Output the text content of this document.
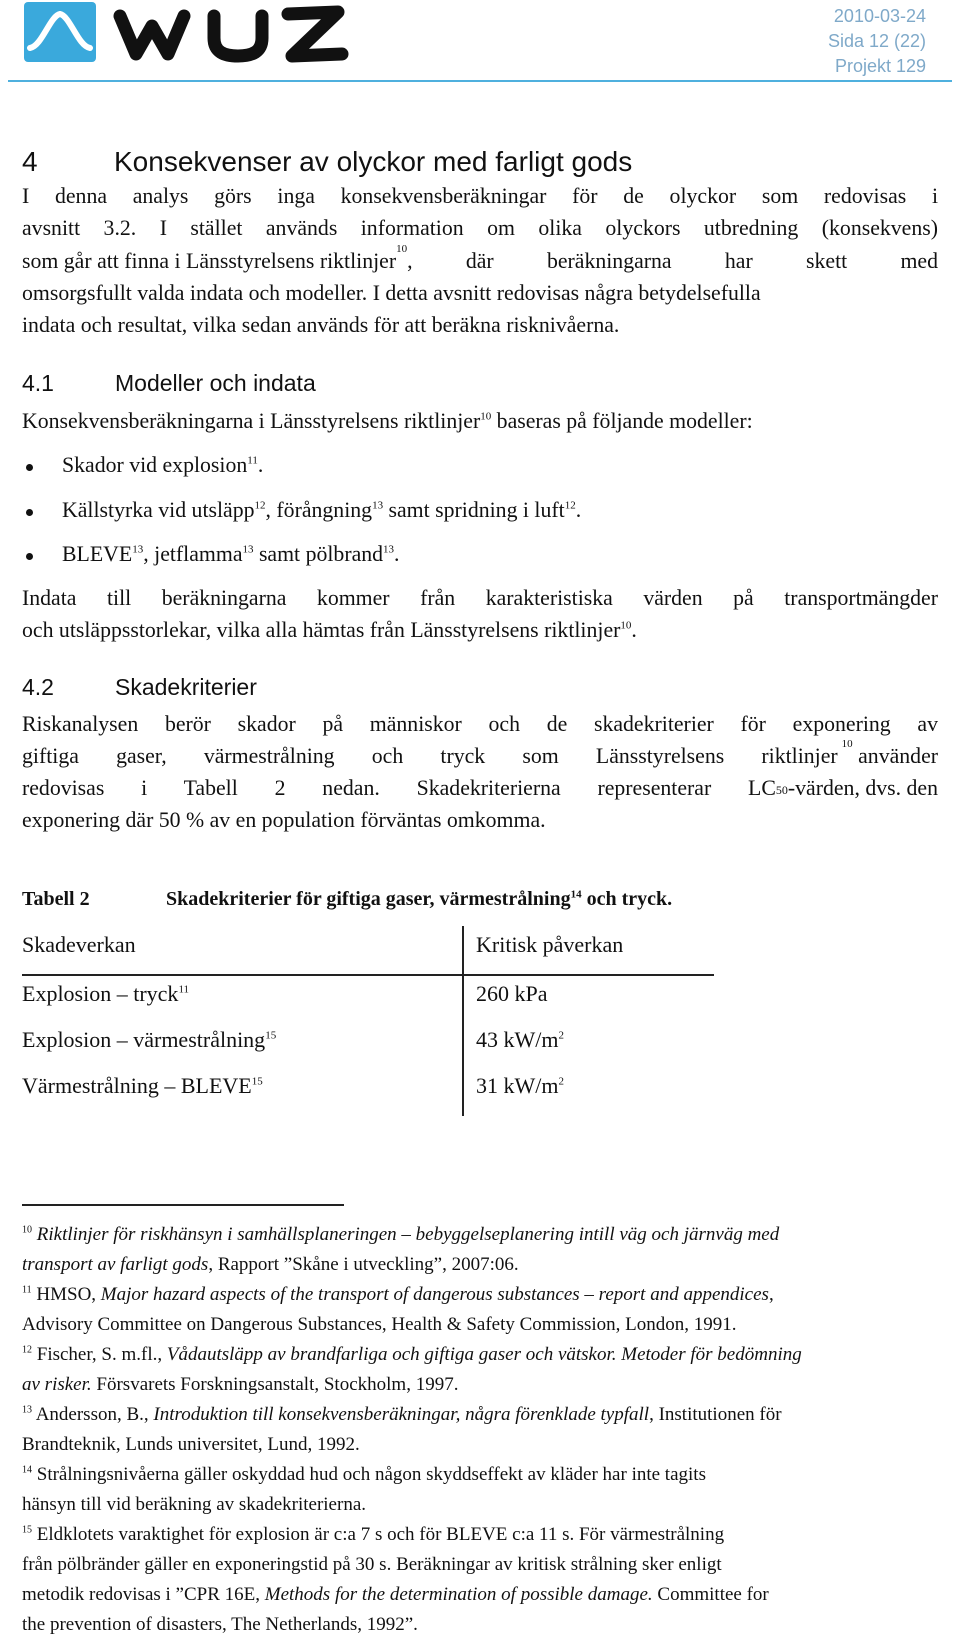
2010-03-24
Sida 12 (22)
Projekt 129
4	Konsekvenser av olyckor med farligt gods
I denna analys görs inga konsekvensberäkningar för de olyckor som redovisas i
avsnitt 3.2. I stället används information om olika olyckors utbredning (konsekvens)
som går att finna i Länsstyrelsens riktlinjer 10 , där beräkningarna har skett med
omsorgsfullt valda indata och modeller. I detta avsnitt redovisas några betydelsefulla
indata och resultat, vilka sedan används för att beräkna risknivåerna.
4.1	Modeller och indata
Konsekvensberäkningarna i Länsstyrelsens riktlinjer$^{10}$ baseras på följande modeller:
Skador vid explosion$^{11}$.
Källstyrka vid utsläpp$^{12}$, förångning$^{13}$ samt spridning i luft$^{12}$.
BLEVE$^{13}$, jetflamma$^{13}$ samt pölbrand$^{13}$.
Indata till beräkningarna kommer från karakteristiska värden på transportmängder
och utsläppsstorlekar, vilka alla hämtas från Länsstyrelsens riktlinjer$^{10}$.
4.2	Skadekriterier
Riskanalysen berör skador på människor och de skadekriterier för exponering av
giftiga gaser, värmestrålning och tryck som Länsstyrelsens riktlinjer 10 använder
redovisas i Tabell 2 nedan. Skadekriterierna representerar LC 50 -värden, dvs. den
exponering där 50 % av en population förväntas omkomma.
Tabell 2	Skadekriterier för giftiga gaser, värmestrålning$^{14}$ och tryck.
Skadeverkan	Kritisk påverkan
Explosion – tryck$^{11}$	260 kPa
Explosion – värmestrålning$^{15}$	43 $kW/m^2$
Värmestrålning – BLEVE$^{15}$	31 $kW/m^2$
$^{10}$ Riktlinjer för riskhänsyn i samhällsplaneringen – bebyggelseplanering intill väg och järnväg med
transport av farligt gods, Rapport ”Skåne i utveckling”, 2007:06.
$^{11}$ HMSO, Major hazard aspects of the transport of dangerous substances – report and appendices,
Advisory Committee on Dangerous Substances, Health & Safety Commission, London, 1991.
$^{12}$ Fischer, S. m.fl., Vådautsläpp av brandfarliga och giftiga gaser och vätskor. Metoder för bedömning
av risker. Försvarets Forskningsanstalt, Stockholm, 1997.
$^{13}$ Andersson, B., Introduktion till konsekvensberäkningar, några förenklade typfall, Institutionen för
Brandteknik, Lunds universitet, Lund, 1992.
$^{14}$ Strålningsnivåerna gäller oskyddad hud och någon skyddseffekt av kläder har inte tagits
hänsyn till vid beräkning av skadekriterierna.
$^{15}$ Eldklotets varaktighet för explosion är c:a 7 s och för BLEVE c:a 11 s. För värmestrålning
från pölbränder gäller en exponeringstid på 30 s. Beräkningar av kritisk strålning sker enligt
metodik redovisas i ”CPR 16E, Methods for the determination of possible damage. Committee for
the prevention of disasters, The Netherlands, 1992”.
